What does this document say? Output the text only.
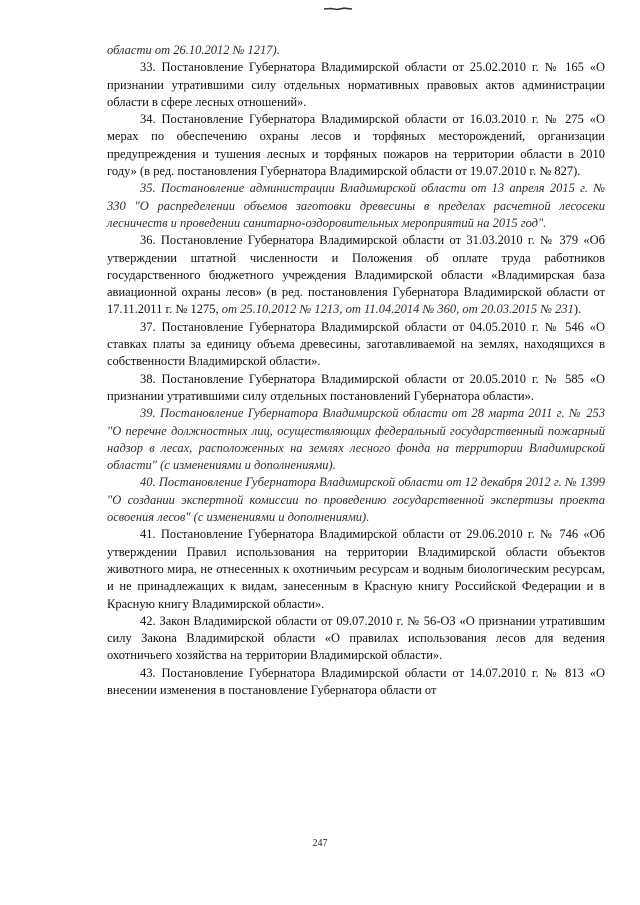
области от 26.10.2012 № 1217).

33. Постановление Губернатора Владимирской области от 25.02.2010 г. № 165 «О признании утратившими силу отдельных нормативных правовых актов администрации области в сфере лесных отношений».

34. Постановление Губернатора Владимирской области от 16.03.2010 г. № 275 «О мерах по обеспечению охраны лесов и торфяных месторождений, организации предупреждения и тушения лесных и торфяных пожаров на территории области в 2010 году» (в ред. постановления Губернатора Владимирской области от 19.07.2010 г. № 827).

35. Постановление администрации Владимирской области от 13 апреля 2015 г. № 330 "О распределении объемов заготовки древесины в пределах расчетной лесосеки лесничеств и проведении санитарно-оздоровительных мероприятий на 2015 год".

36. Постановление Губернатора Владимирской области от 31.03.2010 г. № 379 «Об утверждении штатной численности и Положения об оплате труда работников государственного бюджетного учреждения Владимирской области «Владимирская база авиационной охраны лесов» (в ред. постановления Губернатора Владимирской области от 17.11.2011 г. № 1275, от 25.10.2012 № 1213, от 11.04.2014 № 360, от 20.03.2015 № 231).

37. Постановление Губернатора Владимирской области от 04.05.2010 г. № 546 «О ставках платы за единицу объема древесины, заготавливаемой на землях, находящихся в собственности Владимирской области».

38. Постановление Губернатора Владимирской области от 20.05.2010 г. № 585 «О признании утратившими силу отдельных постановлений Губернатора области».

39. Постановление Губернатора Владимирской области от 28 марта 2011 г. № 253 "О перечне должностных лиц, осуществляющих федеральный государственный пожарный надзор в лесах, расположенных на землях лесного фонда на территории Владимирской области" (с изменениями и дополнениями).

40. Постановление Губернатора Владимирской области от 12 декабря 2012 г. № 1399 "О создании экспертной комиссии по проведению государственной экспертизы проекта освоения лесов" (с изменениями и дополнениями).

41. Постановление Губернатора Владимирской области от 29.06.2010 г. № 746 «Об утверждении Правил использования на территории Владимирской области объектов животного мира, не отнесенных к охотничьим ресурсам и водным биологическим ресурсам, и не принадлежащих к видам, занесенным в Красную книгу Российской Федерации и в Красную книгу Владимирской области».

42. Закон Владимирской области от 09.07.2010 г. № 56-ОЗ «О признании утратившим силу Закона Владимирской области «О правилах использования лесов для ведения охотничьего хозяйства на территории Владимирской области».

43. Постановление Губернатора Владимирской области от 14.07.2010 г. № 813 «О внесении изменения в постановление Губернатора области от

247
